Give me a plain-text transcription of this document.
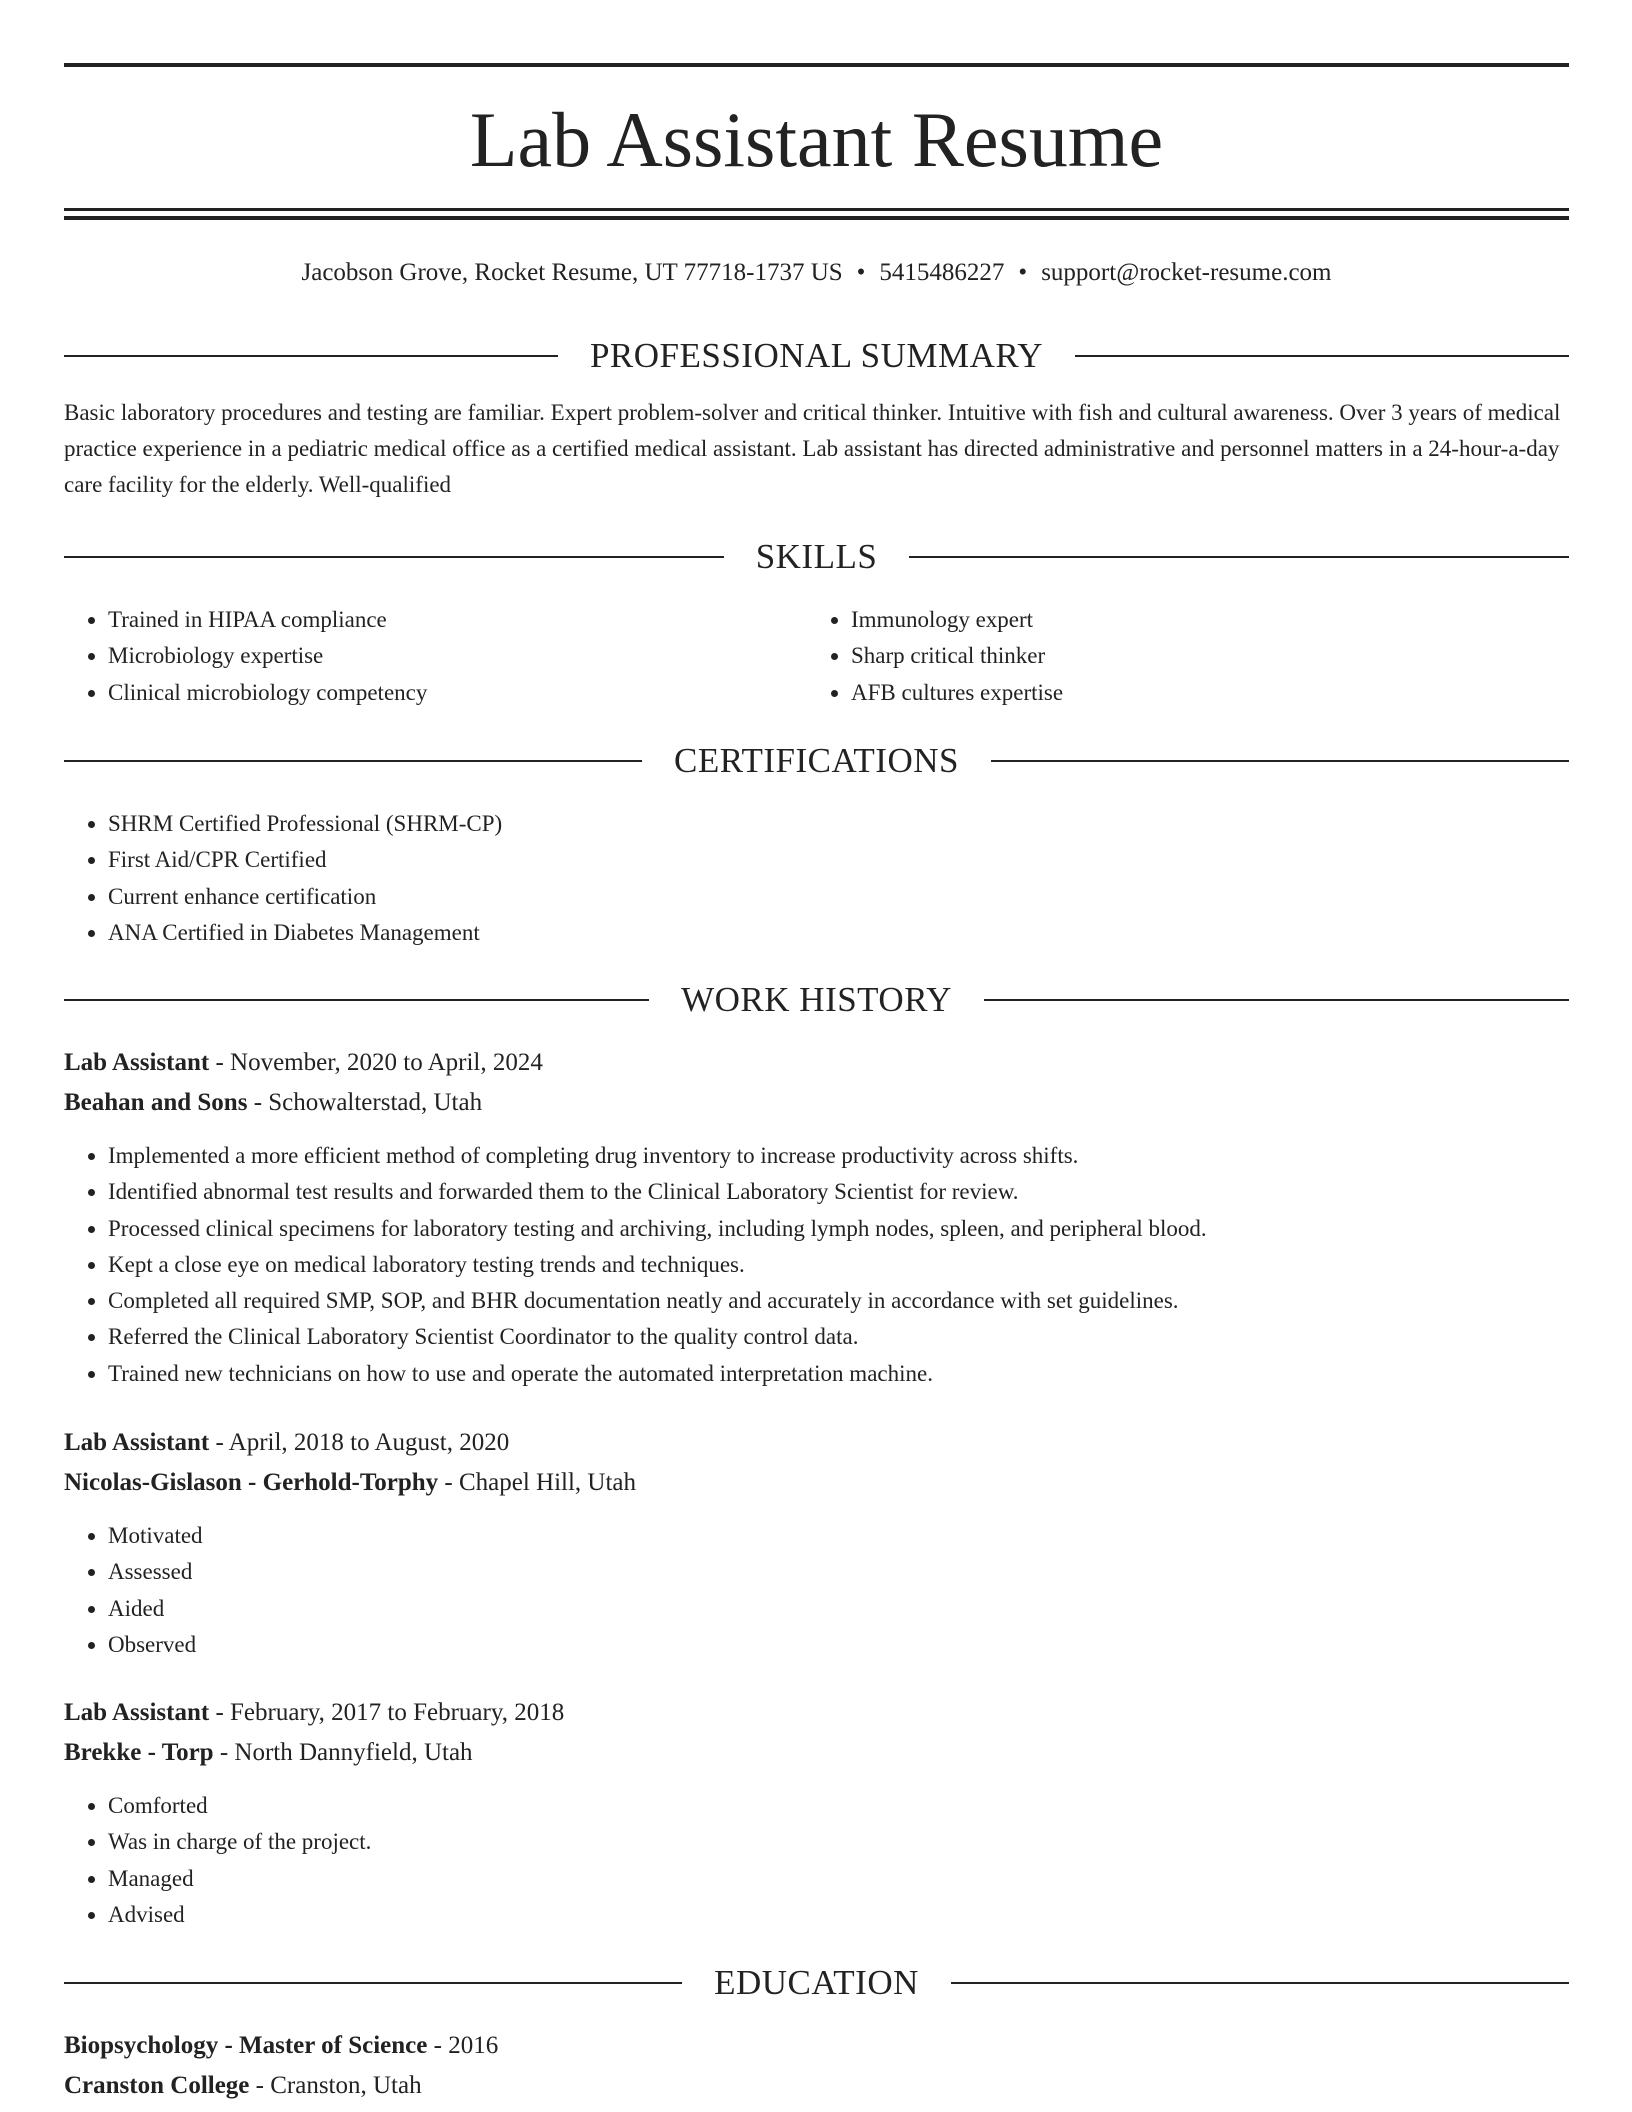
Lab Assistant Resume
Jacobson Grove, Rocket Resume, UT 77718-1737 US • 5415486227 • support@rocket-resume.com
PROFESSIONAL SUMMARY

Basic laboratory procedures and testing are familiar. Expert problem-solver and critical thinker. Intuitive with fish and cultural awareness. Over 3 years of medical practice experience in a pediatric medical office as a certified medical assistant. Lab assistant has directed administrative and personnel matters in a 24-hour-a-day care facility for the elderly. Well-qualified

SKILLS
• Trained in HIPAA compliance
• Microbiology expertise
• Clinical microbiology competency
• Immunology expert
• Sharp critical thinker
• AFB cultures expertise
CERTIFICATIONS
• SHRM Certified Professional (SHRM-CP)
• First Aid/CPR Certified
• Current enhance certification
• ANA Certified in Diabetes Management
WORK HISTORY
Lab Assistant - November, 2020 to April, 2024
Beahan and Sons - Schowalterstad, Utah
• Implemented a more efficient method of completing drug inventory to increase productivity across shifts.
• Identified abnormal test results and forwarded them to the Clinical Laboratory Scientist for review.
• Processed clinical specimens for laboratory testing and archiving, including lymph nodes, spleen, and peripheral blood.
• Kept a close eye on medical laboratory testing trends and techniques.
• Completed all required SMP, SOP, and BHR documentation neatly and accurately in accordance with set guidelines.
• Referred the Clinical Laboratory Scientist Coordinator to the quality control data.
• Trained new technicians on how to use and operate the automated interpretation machine.
Lab Assistant - April, 2018 to August, 2020
Nicolas-Gislason - Gerhold-Torphy - Chapel Hill, Utah
• Motivated
• Assessed
• Aided
• Observed
Lab Assistant - February, 2017 to February, 2018
Brekke - Torp - North Dannyfield, Utah
• Comforted
• Was in charge of the project.
• Managed
• Advised
EDUCATION
Biopsychology - Master of Science - 2016
Cranston College - Cranston, Utah
